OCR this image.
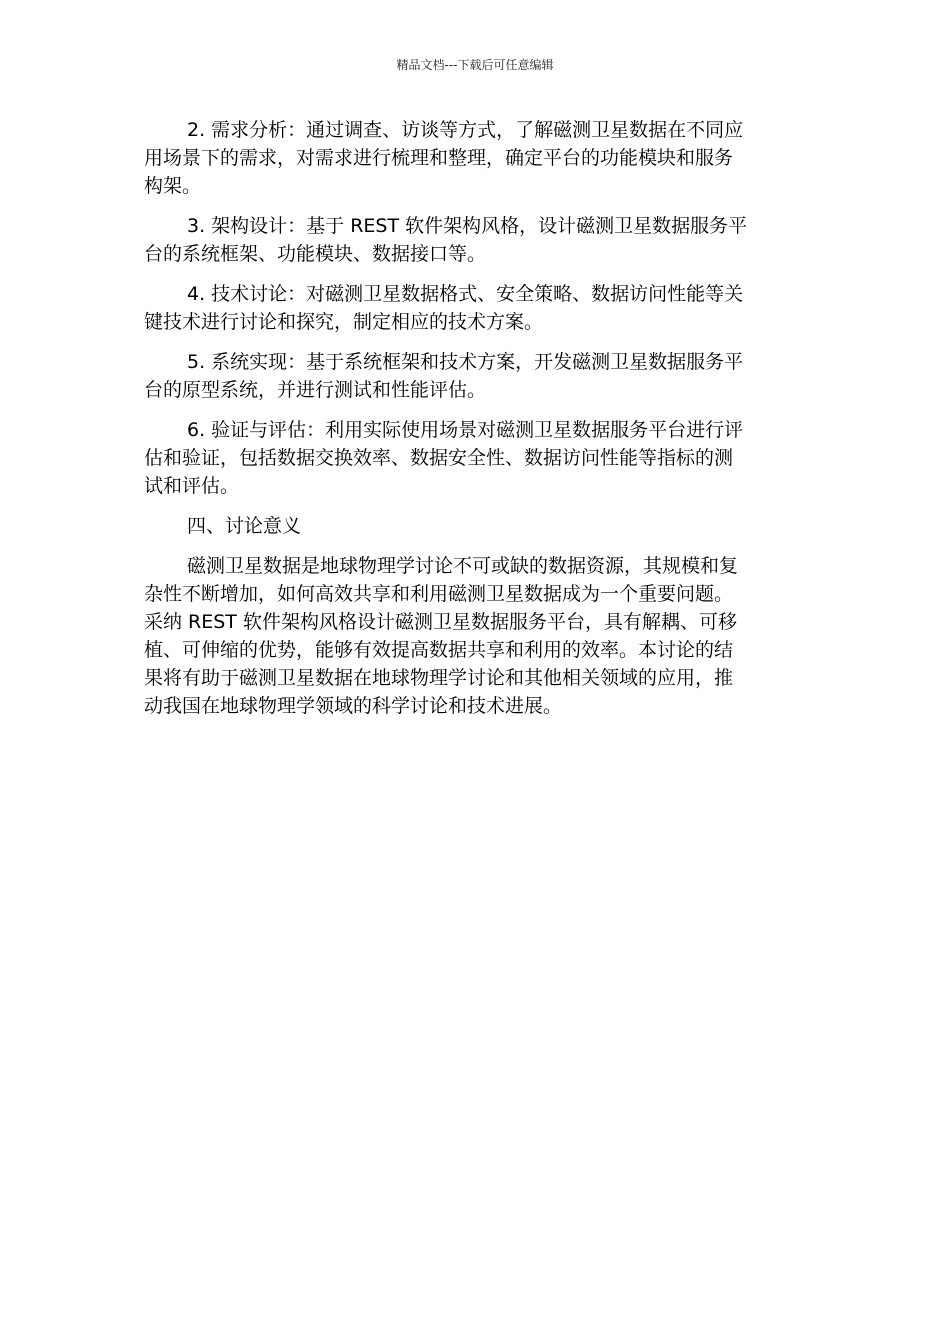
精品文档---下载后可任意编辑
2. 需求分析：通过调查、访谈等方式，了解磁测卫星数据在不同应
用场景下的需求，对需求进行梳理和整理，确定平台的功能模块和服务
构架。
3. 架构设计：基于 REST 软件架构风格，设计磁测卫星数据服务平
台的系统框架、功能模块、数据接口等。
4. 技术讨论：对磁测卫星数据格式、安全策略、数据访问性能等关
键技术进行讨论和探究，制定相应的技术方案。
5. 系统实现：基于系统框架和技术方案，开发磁测卫星数据服务平
台的原型系统，并进行测试和性能评估。
6. 验证与评估：利用实际使用场景对磁测卫星数据服务平台进行评
估和验证，包括数据交换效率、数据安全性、数据访问性能等指标的测
试和评估。
四、讨论意义
磁测卫星数据是地球物理学讨论不可或缺的数据资源，其规模和复
杂性不断增加，如何高效共享和利用磁测卫星数据成为一个重要问题。
采纳 REST 软件架构风格设计磁测卫星数据服务平台，具有解耦、可移
植、可伸缩的优势，能够有效提高数据共享和利用的效率。本讨论的结
果将有助于磁测卫星数据在地球物理学讨论和其他相关领域的应用，推
动我国在地球物理学领域的科学讨论和技术进展。
